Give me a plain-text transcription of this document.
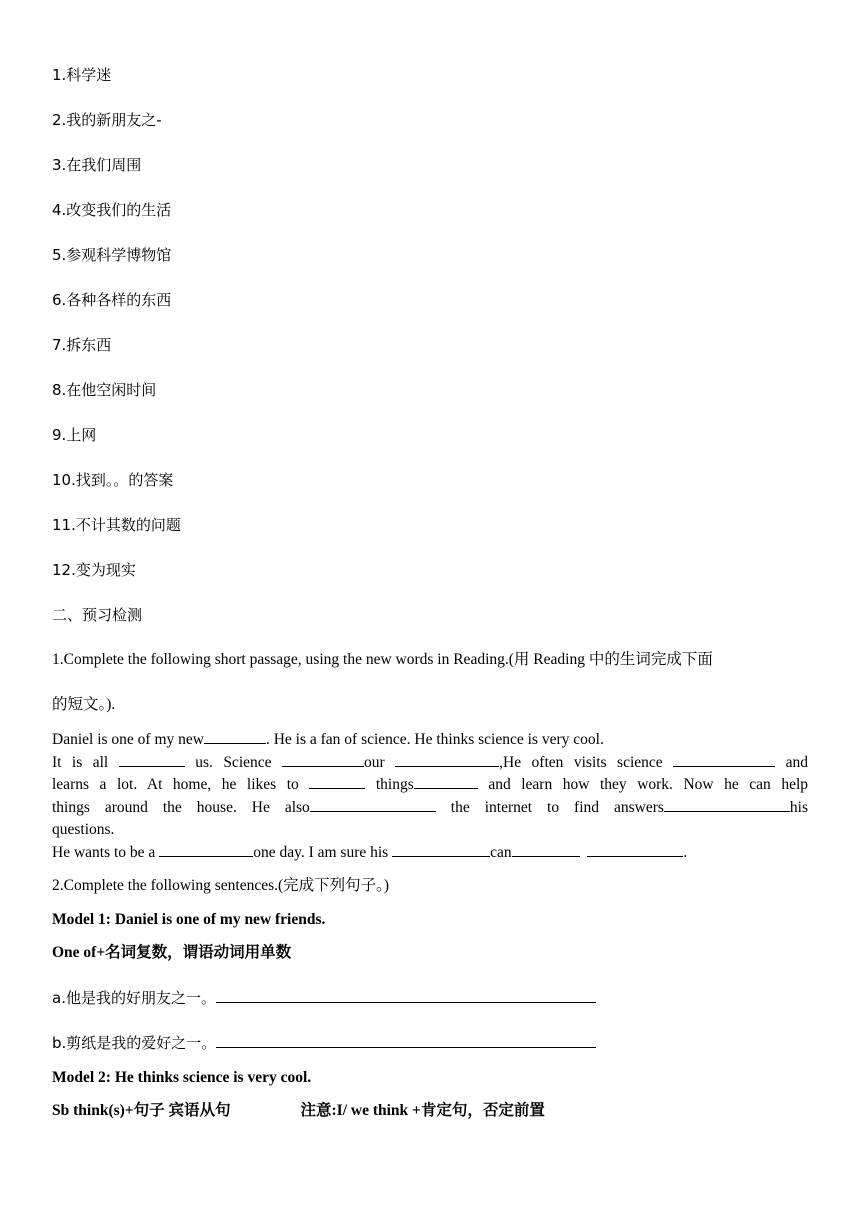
1.科学迷
2.我的新朋友之-
3.在我们周围
4.改变我们的生活
5.参观科学博物馆
6.各种各样的东西
7.拆东西
8.在他空闲时间
9.上网
10.找到。。的答案
11.不计其数的问题
12.变为现实
二、预习检测
1.Complete the following short passage, using the new words in Reading.(用 Reading 中的生词完成下面
的短文。).
Daniel is one of my new	. He is a fan of science. He thinks science is very cool.
It is all	us. Science	our	,He often visits science	and
learns a lot. At home, he likes to	things	and learn how they work. Now he can help
things around the house. He also	the internet to find answers	his
questions.
He wants to be a	one day. I am sure his	can	.
2.Complete the following sentences.(完成下列句子。)
Model 1: Daniel is one of my new friends.
One of+名词复数，谓语动词用单数
a.他是我的好朋友之一。
b.剪纸是我的爱好之一。
Model 2: He thinks science is very cool.
Sb think(s)+句子 宾语从句	注意:I/ we think +肯定句，否定前置
